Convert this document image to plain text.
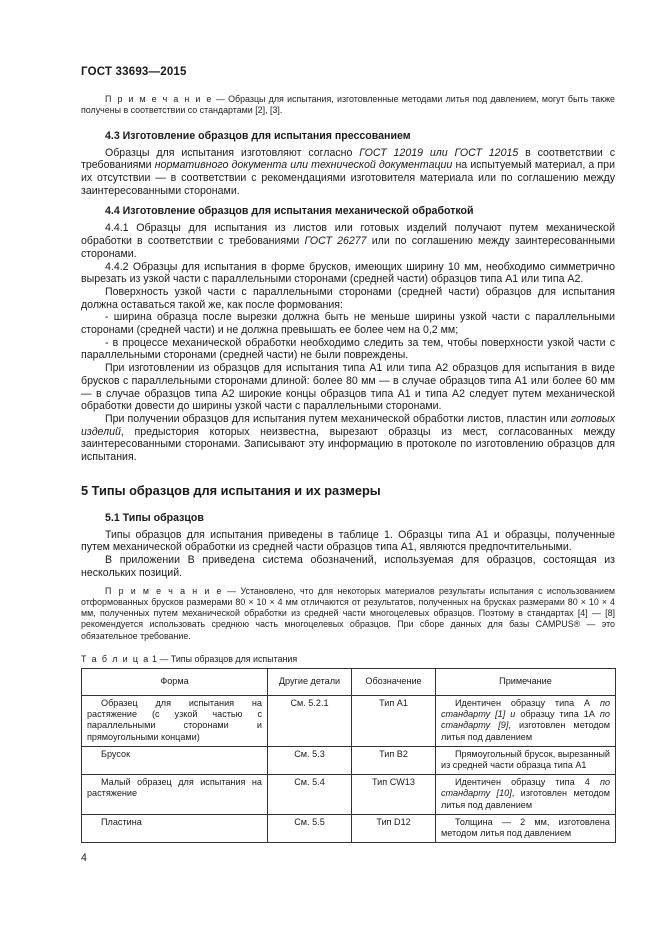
ГОСТ 33693—2015

П р и м е ч а н и е — Образцы для испытания, изготовленные методами литья под давлением, могут быть также получены в соответствии со стандартами [2], [3].

4.3 Изготовление образцов для испытания прессованием

Образцы для испытания изготовляют согласно ГОСТ 12019 или ГОСТ 12015 в соответствии с требованиями нормативного документа или технической документации на испытуемый материал, а при их отсутствии — в соответствии с рекомендациями изготовителя материала или по соглашению между заинтересованными сторонами.

4.4 Изготовление образцов для испытания механической обработкой

4.4.1 Образцы для испытания из листов или готовых изделий получают путем механической обработки в соответствии с требованиями ГОСТ 26277 или по соглашению между заинтересованными сторонами.

4.4.2 Образцы для испытания в форме брусков, имеющих ширину 10 мм, необходимо симметрично вырезать из узкой части с параллельными сторонами (средней части) образцов типа А1 или типа А2.

Поверхность узкой части с параллельными сторонами (средней части) образцов для испытания должна оставаться такой же, как после формования:

- ширина образца после вырезки должна быть не меньше ширины узкой части с параллельными сторонами (средней части) и не должна превышать ее более чем на 0,2 мм;

- в процессе механической обработки необходимо следить за тем, чтобы поверхности узкой части с параллельными сторонами (средней части) не были повреждены.

При изготовлении из образцов для испытания типа А1 или типа А2 образцов для испытания в виде брусков с параллельными сторонами длиной: более 80 мм — в случае образцов типа А1 или более 60 мм — в случае образцов типа А2 широкие концы образцов типа А1 и типа А2 следует путем механической обработки довести до ширины узкой части с параллельными сторонами.

При получении образцов для испытания путем механической обработки листов, пластин или готовых изделий, предыстория которых неизвестна, вырезают образцы из мест, согласованных между заинтересованными сторонами. Записывают эту информацию в протоколе по изготовлению образцов для испытания.

5 Типы образцов для испытания и их размеры

5.1 Типы образцов

Типы образцов для испытания приведены в таблице 1. Образцы типа А1 и образцы, полученные путем механической обработки из средней части образцов типа А1, являются предпочтительными.

В приложении В приведена система обозначений, используемая для образцов, состоящая из нескольких позиций.

П р и м е ч а н и е — Установлено, что для некоторых материалов результаты испытания с использованием отформованных брусков размерами 80 × 10 × 4 мм отличаются от результатов, полученных на брусках размерами 80 × 10 × 4 мм, полученных путем механической обработки из средней части многоцелевых образцов. Поэтому в стандартах [4] — [8] рекомендуется использовать среднюю часть многоцелевых образцов. При сборе данных для базы CAMPUS® — это обязательное требование.

Т а б л и ц а 1 — Типы образцов для испытания

Форма	Другие детали	Обозначение	Примечание
Образец для испытания на растяжение (с узкой частью с параллельными сторонами и прямоугольными концами)	См. 5.2.1	Тип А1	Идентичен образцу типа А по стандарту [1] и образцу типа 1А по стандарту [9], изготовлен методом литья под давлением
Брусок	См. 5.3	Тип В2	Прямоугольный брусок, вырезанный из средней части образца типа А1
Малый образец для испытания на растяжение	См. 5.4	Тип CW13	Идентичен образцу типа 4 по стандарту [10], изготовлен методом литья под давлением
Пластина	См. 5.5	Тип D12	Толщина — 2 мм, изготовлена методом литья под давлением
4
